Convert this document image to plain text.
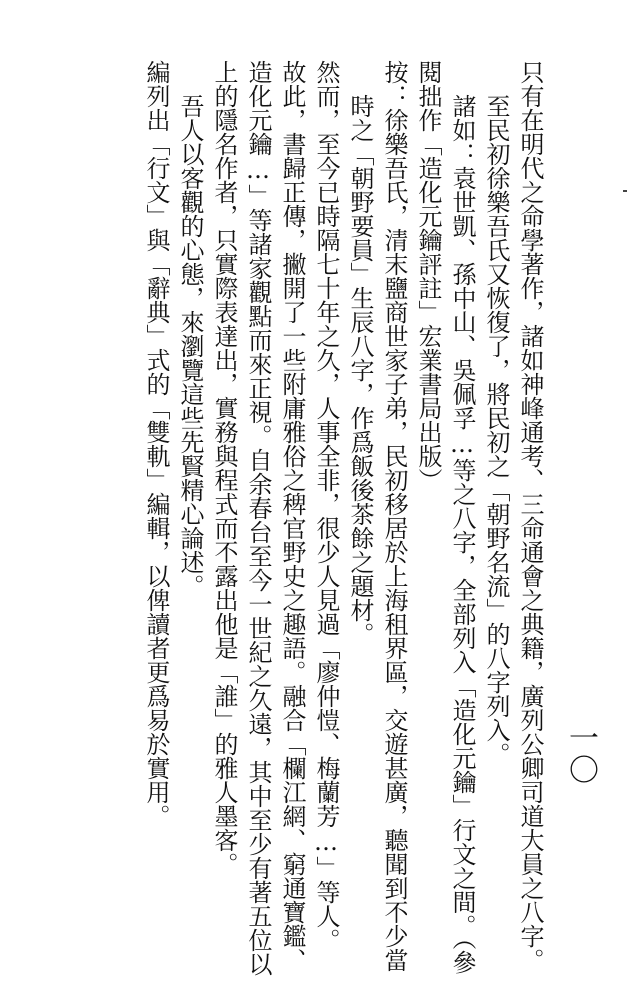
一〇
只有在明代之命學著作，諸如神峰通考、三命通會之典籍，廣列公卿司道大員之八字。
至民初徐樂吾氏又恢復了，將民初之「朝野名流」的八字列入。
諸如：袁世凱、孫中山、吳佩孚…等之八字，全部列入「造化元鑰」行文之間。（參
閱拙作「造化元鑰評註」宏業書局出版）
按：徐樂吾氏，清末鹽商世家子弟，民初移居於上海租界區，交遊甚廣，聽聞到不少當
時之「朝野要員」生辰八字，作爲飯後茶餘之題材。
然而，至今已時隔七十年之久，人事全非，很少人見過「廖仲愷、梅蘭芳…」等人。
故此，書歸正傳，撇開了一些附庸雅俗之稗官野史之趣語。融合「欄江網、窮通寶鑑、
造化元鑰…」等諸家觀點而來正視。自余春台至今一世紀之久遠，其中至少有著五位以
上的隱名作者，只實際表達出，實務與程式而不露出他是「誰」的雅人墨客。
吾人以客觀的心態，來瀏覽這些先賢精心論述。
編列出「行文」與「辭典」式的「雙軌」編輯，以俾讀者更爲易於實用。
